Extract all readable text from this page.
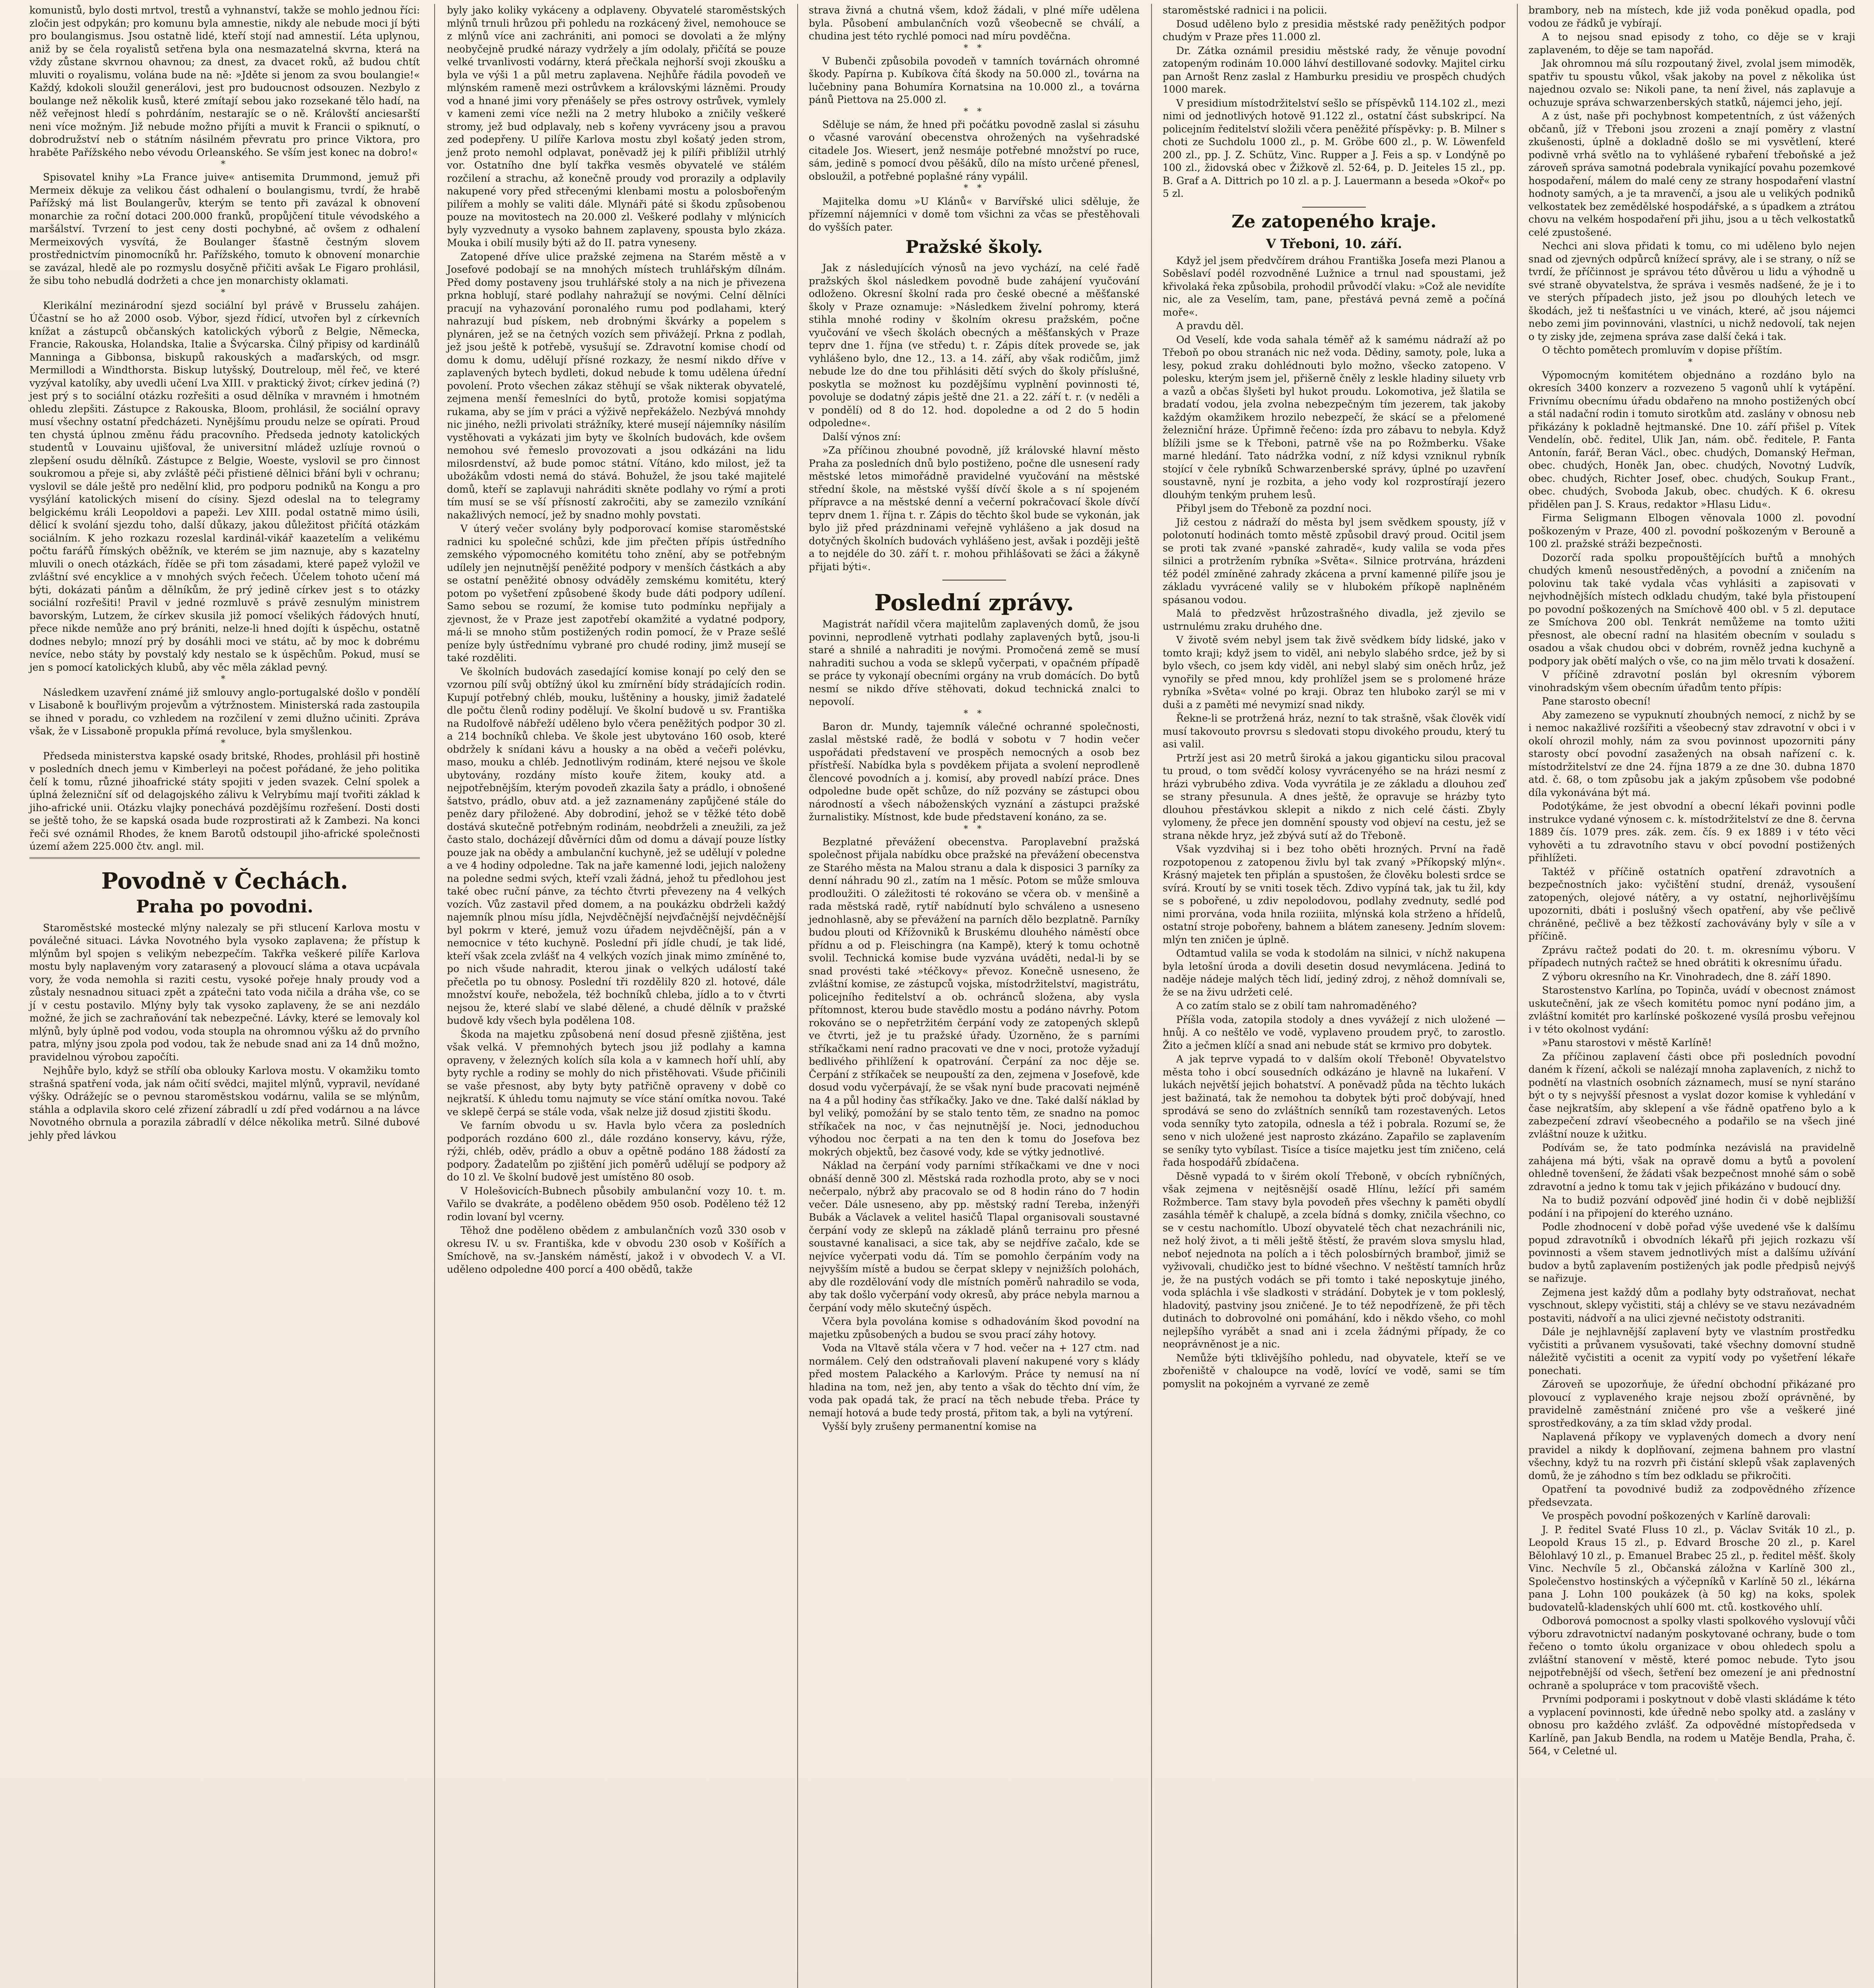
komunistů, bylo dosti mrtvol, trestů a vyhnanství, takže se mohlo jednou říci: zločin jest odpykán; pro komunu byla amnestie, nikdy ale nebude moci jí býti pro boulangismus. Jsou ostatně lidé, kteří stojí nad amnestií. Léta uplynou, aniž by se čela royalistů setřena byla ona nesmazatelná skvrna, která na vždy zůstane skvrnou ohavnou; za dnest, za dvacet roků, až budou chtít mluviti o royalismu, volána bude na ně: »Jděte si jenom za svou boulangie!« Každý, kdokoli sloužil generálovi, jest pro budoucnost odsouzen. Nezbylo z boulange než několik kusů, které zmítají sebou jako rozsekané tělo hadí, na něž veřejnost hledí s pohrdáním, nestarajíc se o ně. Královští anciesarští neni více možným. Již nebude možno přijíti a muvit k Francii o spiknutí, o dobrodružství neb o státním násilném převratu pro prince Viktora, pro hraběte Pařížského nebo vévodu Orleanského. Se vším jest konec na dobro!«

*

Spisovatel knihy »La France juive« antisemita Drummond, jemuž při Mermeix děkuje za velikou část odhalení o boulangismu, tvrdí, že hrabě Pařížský má list Boulangerův, kterým se tento při zavázal k obnovení monarchie za roční dotaci 200.000 franků, propůjčení titule vévodského a maršálství. Tvrzení to jest ceny dosti pochybné, ač ovšem z odhalení Mermeixových vysvítá, že Boulanger šťastně čestným slovem prostřednictvím pinomocníků hr. Pařížského, tomuto k obnovení monarchie se zavázal, hledě ale po rozmyslu dosyčně přičiti avšak Le Figaro prohlásil, že sibu toho nebudlá dodržeti a chce jen monarchisty oklamati.

*

Klerikální mezinárodní sjezd sociální byl právě v Brusselu zahájen. Účastní se ho až 2000 osob. Výbor, sjezd řídicí, utvořen byl z církevních knížat a zástupců občanských katolických výborů z Belgie, Německa, Francie, Rakouska, Holandska, Italie a Švýcarska. Čilný připisy od kardinálů Manninga a Gibbonsa, biskupů rakouských a maďarských, od msgr. Mermillodi a Windthorsta. Biskup lutyšský, Doutreloup, měl řeč, ve které vyzýval katolíky, aby uvedli učení Lva XIII. v praktický život; církev jediná (?) jest prý s to sociální otázku rozřešiti a osud dělníka v mravném i hmotném ohledu zlepšiti. Zástupce z Rakouska, Bloom, prohlásil, že sociální opravy musí všechny ostatní předcházeti. Nynějšímu proudu nelze se opírati. Proud ten chystá úplnou změnu řádu pracovního. Předseda jednoty katolických studentů v Louvainu ujišťoval, že universitní mládež uzlíuje rovnoú o zlepšení osudu dělníků. Zástupce z Belgie, Woeste, vyslovil se pro činnost soukromou a přeje si, aby zvláště péči přistiené dělnici břání byli v ochranu; vyslovil se dále ještě pro nedělní klid, pro podporu podniků na Kongu a pro vysýlání katolických misení do císiny. Sjezd odeslal na to telegramy belgickému králi Leopoldovi a papeži. Lev XIII. podal ostatně mimo úsili, dělicí k svolání sjezdu toho, další důkazy, jakou důležitost přičítá otázkám sociálním. K jeho rozkazu rozeslal kardinál-vikář kaazetelím a velikému počtu farářů římských oběžník, ve kterém se jim naznuje, aby s kazatelny mluvili o onech otázkách, říděe se při tom zásadami, které papež vyložil ve zvláštní své encyklice a v mnohých svých řečech. Účelem tohoto učení má býti, dokázati pánům a dělníkům, že prý jedině církev jest s to otázky sociální rozřešiti! Pravil v jedné rozmluvě s právě zesnulým ministrem bavorským, Lutzem, že církev skusila již pomocí všelikých řádových hnutí, přece nikde nemůže ano prý brániti, nelze-li hned dojíti k úspěchu, ostatně dodnes nebylo; mnozí prý by dosáhli moci ve státu, ač by moc k dobrému nevíce, nebo státy by povstalý kdy nestalo se k úspěchům. Pokud, musí se jen s pomocí katolických klubů, aby věc měla základ pevný.

*

Následkem uzavření známé již smlouvy anglo-portugalské došlo v pondělí v Lisaboně k bouřlivým projevům a výtržnostem. Ministerská rada zastoupila se ihned v poradu, co vzhledem na rozčilení v zemi dlužno učiniti. Zpráva však, že v Lissaboně propukla přímá revoluce, byla smyšlenkou.

*

Předseda ministerstva kapské osady britské, Rhodes, prohlásil při hostině v posledních dnech jemu v Kimberleyi na počest pořádané, že jeho politika čelí k tomu, různé jihoafrické státy spojiti v jeden svazek. Celní spolek a úplná železniční síť od delagojského zálivu k Velrybímu mají tvořiti základ k jiho-africké unii. Otázku vlajky ponechává pozdějšímu rozřešení. Dosti dosti se ještě toho, že se kapská osada bude rozprostirati až k Zambezi. Na konci řeči své oznámil Rhodes, že knem Barotů odstoupil jiho-africké společnosti území ažem 225.000 čtv. angl. mil.

Povodně v Čechách.
Praha po povodni.

Staroměstské mostecké mlýny nalezaly se při stlucení Karlova mostu v poválečné situaci. Lávka Novotného byla vysoko zaplavena; že přístup k mlýnům byl spojen s velikým nebezpečím. Takřka veškeré pilíře Karlova mostu byly naplaveným vory zatarasený a plovoucí sláma a otava ucpávala vory, že voda nemohla si raziti cestu, vysoké pořeje hnaly proudy vod a zůstaly nesnadnou situaci zpět a zpátečni tato voda ničila a dráha vše, co se jí v cestu postavilo. Mlýny byly tak vysoko zaplaveny, že se ani nezdálo možné, že jich se zachraňování tak nebezpečné. Lávky, které se lemovaly kol mlýnů, byly úplně pod vodou, voda stoupla na ohromnou výšku až do prvního patra, mlýny jsou zpola pod vodou, tak že nebude snad ani za 14 dnů možno, pravidelnou výrobou započíti.

Nejhůře bylo, když se střílí oba oblouky Karlova mostu. V okamžiku tomto strašná spatření voda, jak nám očití svědci, majitel mlýnů, vypravil, nevídané výšky. Odrážejíc se o pevnou staroměstskou vodárnu, valila se se mlýnům, stáhla a odplavila skoro celé zřizení zábradlí u zdí před vodárnou a na lávce Novotného obrnula a porazila zábradlí v délce několika metrů. Silné dubové jehly před lávkou

byly jako koliky vykáceny a odplaveny. Obyvatelé staroměstských mlýnů trnuli hrůzou při pohledu na rozkácený živel, nemohouce se z mlýnů více ani zachrániti, ani pomoci se dovolati a že mlýny neobyčejně prudké nárazy vydržely a jím odolaly, přičítá se pouze velké trvanlivosti vodárny, která přečkala nejhorší svoji zkoušku a byla ve výši 1 a půl metru zaplavena. Nejhůře řádila povodeň ve mlýnském rameně mezi ostrůvkem a královskými lázněmi. Proudy vod a hnané jimi vory přenášely se přes ostrovy ostrůvek, vymlely v kameni zemi více nežli na 2 metry hluboko a zničily veškeré stromy, jež bud odplavaly, neb s kořeny vyvráceny jsou a pravou zed podepřeny. U pilíře Karlova mostu zbyl košatý jeden strom, jenž proto nemohl odplavat, poněvadž jej k pilíři přiblížil utrhlý vor. Ostatního dne bylí takřka vesměs obyvatelé ve stálém rozčilení a strachu, až konečně proudy vod prorazily a odplavily nakupené vory před střecenými klenbami mostu a polosbořeným pilířem a mohly se valiti dále. Mlynáři páté si škodu způsobenou pouze na movitostech na 20.000 zl. Veškeré podlahy v mlýnicích byly vyzvednuty a vysoko bahnem zaplaveny, spousta bylo zkáza. Mouka i obilí musily býti až do II. patra vyneseny.

Zatopené dříve ulice pražské zejmena na Starém městě a v Josefové podobají se na mnohých místech truhlářským dílnám. Před domy postaveny jsou truhlářské stoly a na nich je přivezena prkna hoblují, staré podlahy nahražují se novými. Celní dělníci pracují na vyhazování poronalého rumu pod podlahami, který nahrazují bud pískem, neb drobnými škvárky a popelem s plynáren, jež se na četných vozích sem přivážejí. Prkna z podlah, jež jsou ještě k potřebě, vysušují se. Zdravotní komise chodí od domu k domu, udělují přísné rozkazy, že nesmí nikdo dříve v zaplavených bytech bydleti, dokud nebude k tomu udělena úřední povolení. Proto všechen zákaz stěhují se však nikterak obyvatelé, zejmena menší řemeslníci do bytů, protože komisi sopjatýma rukama, aby se jím v práci a výživě nepřekáželo. Nezbývá mnohdy nic jiného, nežli privolati strážníky, které musejí nájemníky násilím vystěhovati a vykázati jim byty ve školních budovách, kde ovšem nemohou své řemeslo provozovati a jsou odkázáni na lidu milosrdenství, až bude pomoc státní. Vítáno, kdo milost, jež ta ubožákům vdosti nemá do stává. Bohužel, že jsou také majitelé domů, kteří se zaplavuji nahráditi skněte podlahy vo rýmí a proti tím musí se se vší přísností zakročiti, aby se zamezilo vzníkání nakažlivých nemocí, jež by snadno mohly povstati.

V úterý večer svolány byly podporovací komise staroměstské radnici ku společné schůzi, kde jim přečten přípis ústředního zemského výpomocného komitétu toho znění, aby se potřebným udílely jen nejnutnější peněžité podpory v menších částkách a aby se ostatní peněžité obnosy odváděly zemskému komitétu, který potom po vyšetření způsobené škody bude dáti podpory udílení. Samo sebou se rozumí, že komise tuto podmínku nepřijaly a zjevnost, že v Praze jest zapotřebí okamžité a vydatné podpory, má-li se mnoho stům postižených rodin pomocí, že v Praze sešlé peníze byly ústřednímu vybrané pro chudé rodiny, jimž musejí se také rozděliti.

Ve školních budovách zasedající komise konají po celý den se vzornou pílí svůj obtížný úkol ku zmírnění bídy strádajících rodin. Kupují potřebný chléb, mouku, luštěniny a housky, jimiž žadatelé dle počtu členů rodiny podělují. Ve školní budově u sv. Františka na Rudolfově nábřeží uděleno bylo včera peněžitých podpor 30 zl. a 214 bochníků chleba. Ve škole jest ubytováno 160 osob, které obdržely k snídani kávu a housky a na oběd a večeři polévku, maso, mouku a chléb. Jednotlivým rodinám, které nejsou ve škole ubytovány, rozdány místo kouře žitem, kouky atd. a nejpotřebnějším, kterým povodeň zkazila šaty a prádlo, i obnošené šatstvo, prádlo, obuv atd. a jež zaznamenány zapůjčené stále do peněz dary přiložené. Aby dobrodiní, jehož se v těžké této době dostává skutečně potřebným rodinám, neobdrželi a zneužili, za jež často stalo, docházejí důvěrníci dům od domu a dávají pouze lístky pouze jak na obědy a ambulanční kuchyně, jež se udělují v poledne a ve 4 hodiny odpoledne. Tak na jaře kamenné lodi, jejich naloženy na poledne sedmi svých, kteří vzali žádná, jehož tu předlohou jest také obec ruční pánve, za téchto čtvrti převezeny na 4 velkých vozích. Vůz zastavil před domem, a na poukázku obdrželi každý najemník plnou mísu jídla, Nejvděčnější nejvďačnější nejvděčnější byl pokrm v které, jemuž vozu úřadem nejvděčnější, pán a v nemocnice v této kuchyně. Poslední při jídle chudí, je tak lidé, kteří však zcela zvlášť na 4 velkých vozích jinak mimo zmíněné to, po nich všude nahradit, kterou jinak o velkých událostí také přečetla po tu obnosy. Poslední tři rozdělily 820 zl. hotové, dále množství kouře, nebožela, též bochníků chleba, jídlo a to v čtvrti nejsou že, které slabí ve slabé dělené, a chudé dělník v pražské budově kdy všech byla podělena 108.

Škoda na majetku způsobená není dosud přesně zjištěna, jest však velká. V přemnohých bytech jsou již podlahy a kamna opraveny, v železných kolích síla kola a v kamnech hoří uhlí, aby byty rychle a rodiny se mohly do nich přistěhovati. Všude přičinili se vaše přesnost, aby byty byty patřičně opraveny v době co nejkratší. K úhledu tomu najmuty se více stání omítka novou. Také ve sklepě čerpá se stále voda, však nelze již dosud zjistiti škodu.

Ve farním obvodu u sv. Havla bylo včera za posledních podporách rozdáno 600 zl., dále rozdáno konservy, kávu, rýže, rýži, chléb, oděv, prádlo a obuv a opětně podáno 188 žádostí za podpory. Žadatelům po zjištění jich poměrů udělují se podpory až do 10 zl. Ve školní budově jest umístěno 80 osob.

V Holešovicích-Bubnech působily ambulanční vozy 10. t. m. Vařilo se dvakráte, a poděleno obědem 950 osob. Poděleno též 12 rodin lovaní byl vcerny.

Těhož dne poděleno obědem z ambulančních vozů 330 osob v okresu IV. u sv. Františka, kde v obvodu 230 osob v Košířích a Smíchově, na sv.-Janském náměstí, jakož i v obvodech V. a VI. uděleno odpoledne 400 porcí a 400 obědů, takže

strava živná a chutná všem, kdož žádali, v plné míře udělena byla. Působení ambulančních vozů všeobecně se chválí, a chudina jest této rychlé pomoci nad míru povděčna.

* *

V Bubenči způsobila povodeň v tamních továrnách ohromné škody. Papírna p. Kubíkova čítá škody na 50.000 zl., továrna na lučebniny pana Bohumíra Kornatsina na 10.000 zl., a továrna pánů Piettova na 25.000 zl.

* *

Sděluje se nám, že hned při počátku povodně zaslal si zásuhu o včasné varování obecenstva ohrožených na vyšehradské citadele Jos. Wiesert, jenž nesmáje potřebné množství po ruce, sám, jedině s pomocí dvou pěšáků, dílo na místo určené přenesl, obsloužil, a potřebné poplašné rány vypálil.

* *

Majitelka domu »U Klánů« v Barvířské ulici sděluje, že přízemní nájemníci v domě tom všichni za včas se přestěhovali do vyšších pater.

Pražské školy.

Jak z následujících výnosů na jevo vychází, na celé řadě pražských škol následkem povodně bude zahájení vyučování odloženo. Okresní školní rada pro české obecné a měšťanské školy v Praze oznamuje: »Následkem živelní pohromy, která stihla mnohé rodiny v školním okresu pražském, počne vyučování ve všech školách obecných a měšťanských v Praze teprv dne 1. října (ve středu) t. r. Zápis dítek provede se, jak vyhlášeno bylo, dne 12., 13. a 14. září, aby však rodičům, jimž nebude lze do dne tou přihlásiti dětí svých do školy příslušné, poskytla se možnost ku pozdějšímu vyplnění povinnosti té, povoluje se dodatný zápis ještě dne 21. a 22. září t. r. (v neděli a v pondělí) od 8 do 12. hod. dopoledne a od 2 do 5 hodin odpoledne«.

Další výnos zní:

»Za příčinou zhoubné povodně, jíž královské hlavní město Praha za posledních dnů bylo postiženo, počne dle usnesení rady městské letos mimořádně pravidelné vyučování na městské střední škole, na městské vyšší dívčí škole a s ní spojeném přípravce a na městské denní a večerní pokračovací škole dívčí teprv dnem 1. října t. r. Zápis do těchto škol bude se vykonán, jak bylo již před prázdninami veřejně vyhlášeno a jak dosud na dotyčných školních budovách vyhlášeno jest, avšak i později ještě a to nejdéle do 30. září t. r. mohou přihlášovati se žáci a žákyně přijati býti«.

Poslední zprávy.

Magistrát nařídil včera majitelům zaplavených domů, že jsou povinni, neprodleně vytrhati podlahy zaplavených bytů, jsou-li staré a shnilé a nahraditi je novými. Promočená země se musí nahraditi suchou a voda se sklepů vyčerpati, v opačném případě se práce ty vykonají obecními orgány na vrub domácích. Do bytů nesmí se nikdo dříve stěhovati, dokud technická znalci to nepovolí.

* *

Baron dr. Mundy, tajemník válečné ochranné společnosti, zaslal městské radě, že bodlá v sobotu v 7 hodin večer uspořádati představení ve prospěch nemocných a osob bez přístřeší. Nabídka byla s povděkem přijata a svolení neprodleně člencové povodních a j. komisí, aby provedl nabízí práce. Dnes odpoledne bude opět schůze, do níž pozvány se zástupci obou národností a všech náboženských vyznání a zástupci pražské žurnalistiky. Místnost, kde bude představení konáno, za se.

* *

Bezplatné převážení obecenstva. Paroplavební pražská společnost přijala nabídku obce pražské na převážení obecenstva ze Starého města na Malou stranu a dala k disposici 3 parníky za denní náhradu 90 zl., zatím na 1 měsíc. Potom se může smlouva prodloužiti. O záležitosti té rokováno se včera ob. v menšině a rada městská radě, rytíř nabídnutí bylo schváleno a usneseno jednohlasně, aby se převážení na parních dělo bezplatně. Parníky budou plouti od Křížovniků k Bruskému dlouhého náměstí obce přídnu a od p. Fleischingra (na Kampě), který k tomu ochotně svolil. Technická komise bude vyzvána uváděti, nedal-li by se snad provésti také »téčkovy« převoz. Konečně usneseno, že zvláštní komise, ze zástupců vojska, místodržitelství, magistrátu, policejního ředitelství a ob. ochránců složena, aby vysla přítomnost, kterou bude stavědlo mostu a podáno návrhy. Potom rokováno se o nepřetržitém čerpání vody ze zatopených sklepů ve čtvrti, jež je tu pražské úřady. Úzorněno, že s parními stříkačkami není radno pracovati ve dne v noci, protože vyžadují bedlivého přihlížení k opatrování. Čerpání za noc děje se. Čerpání z stříkaček se neupouští za den, zejmena v Josefově, kde dosud vodu vyčerpávají, že se však nyní bude pracovati nejméně na 4 a půl hodiny čas stříkačky. Jako ve dne. Také další náklad by byl veliký, pomožání by se stalo tento těm, ze snadno na pomoc stříkaček na noc, v čas nejnutnější je. Noci, jednoduchou výhodou noc čerpati a na ten den k tomu do Josefova bez mokrých objektů, bez časové vody, kde se výtky jednotlivé.

Náklad na čerpání vody parními stříkačkami ve dne v noci obnáší denně 300 zl. Městská rada rozhodla proto, aby se v noci nečerpalo, nýbrž aby pracovalo se od 8 hodin ráno do 7 hodin večer. Dále usneseno, aby pp. městský radní Tereba, inženýři Bubák a Václavek a velitel hasičů Tlapal organisovali soustavné čerpání vody ze sklepů na základě plánů terrainu pro přesné soustavné kanalisaci, a sice tak, aby se nejdříve začalo, kde se nejvíce vyčerpati vodu dá. Tím se pomohlo čerpáním vody na nejvyšším místě a budou se čerpat sklepy v nejnižších polohách, aby dle rozdělování vody dle místních poměrů nahradilo se voda, aby tak došlo vyčerpání vody okresů, aby práce nebyla marnou a čerpání vody mělo skutečný úspěch.

Včera byla povolána komise s odhadováním škod povodní na majetku způsobených a budou se svou prací záhy hotovy.

Voda na Vltavě stála včera v 7 hod. večer na + 127 ctm. nad normálem. Celý den odstraňovali plavení nakupené vory s klády před mostem Palackého a Karlovým. Práce ty nemusí na ní hladina na tom, než jen, aby tento a však do těchto dní vím, že voda pak opadá tak, že prací na těch nebude třeba. Práce ty nemají hotová a bude tedy prostá, přitom tak, a byli na vytýrení.

Vyšší byly zrušeny permanentní komise na

staroměstské radnici i na policii.

Dosud uděleno bylo z presidia městské rady peněžitých podpor chudým v Praze přes 11.000 zl.

Dr. Zátka oznámil presidiu městské rady, že věnuje povodní zatopeným rodinám 10.000 láhví destillované sodovky. Majitel cirku pan Arnošt Renz zaslal z Hamburku presidiu ve prospěch chudých 1000 marek.

V presidium místodržitelství sešlo se příspěvků 114.102 zl., mezi nimi od jednotlivých hotově 91.122 zl., ostatní část subskripcí. Na policejním ředitelství složili včera peněžité příspěvky: p. B. Milner s choti ze Suchdolu 1000 zl., p. M. Gröbe 600 zl., p. W. Löwenfeld 200 zl., pp. J. Z. Schütz, Vinc. Rupper a J. Feis a sp. v Londýně po 100 zl., židovská obec v Žižkově zl. 52·64, p. D. Jeiteles 15 zl., pp. B. Graf a A. Dittrich po 10 zl. a p. J. Lauermann a beseda »Okoř« po 5 zl.

Ze zatopeného kraje.
V Třeboni, 10. září.

Když jel jsem předvčírem dráhou Františka Josefa mezi Planou a Soběslaví podél rozvodněné Lužnice a trnul nad spoustami, jež křivolaká řeka způsobila, prohodil průvodčí vlaku: »Což ale nevidíte nic, ale za Veselím, tam, pane, přestává pevná země a počíná moře«.

A pravdu děl.

Od Veselí, kde voda sahala téměř až k samému nádraží až po Třeboň po obou stranách nic než voda. Dědiny, samoty, pole, luka a lesy, pokud zraku dohlédnouti bylo možno, všecko zatopeno. V polesku, kterým jsem jel, přišerně čněly z leskle hladiny siluety vrb a vazů a občas šlyšeti byl hukot proudu. Lokomotiva, jež šlatila se bradatí vodou, jela zvolna nebezpečným tím jezerem, tak jakoby každým okamžikem hrozilo nebezpečí, že skácí se a přelomené železniční hráze. Úpřimně řečeno: ízda pro zábavu to nebyla. Když blížili jsme se k Třeboni, patrně vše na po Rožmberku. Všake marné hledání. Tato nádržka vodní, z níž kdysi vzniknul rybník stojící v čele rybníků Schwarzenberské správy, úplné po uzavření soustavně, nyní je rozbita, a jeho vody kol rozprostírají jezero dlouhým tenkým pruhem lesů.

Přibyl jsem do Třeboně za pozdní noci.

Již cestou z nádraží do města byl jsem svědkem spousty, jíž v polotonutí hodinách tomto městě způsobil dravý proud. Ocitil jsem se proti tak zvané »panské zahradě«, kudy valila se voda přes silnici a protržením rybníka »Světa«. Silnice protrvána, hrázdeni též podél zmíněné zahrady zkácena a první kamenné pilíře jsou je základu vyvrácené valily se v hlubokém příkopě naplněném spásanou vodou.

Malá to předzvěst hrůzostrašného divadla, jež zjevilo se ustrnulému zraku druhého dne.

V životě svém nebyl jsem tak živě svědkem bídy lidské, jako v tomto kraji; když jsem to viděl, ani nebylo slabého srdce, jež by si bylo všech, co jsem kdy viděl, ani nebyl slabý sim oněch hrůz, jež vynořily se před mnou, kdy prohlížel jsem se s prolomené hráze rybníka »Světa« volné po kraji. Obraz ten hluboko zarýl se mi v duši a z paměti mé nevymizí snad nikdy.

Řekne-li se protržená hráz, nezní to tak strašně, však člověk vidí musí takovouto provrsu s sledovati stopu divokého proudu, který tu asi valil.

Prtrží jest asi 20 metrů široká a jakou giganticku silou pracoval tu proud, o tom svědčí kolosy vyvrácenyého se na hrázi nesmí z hrázi vybrubého zdiva. Voda vyvrátila je ze základu a dlouhou zeď se strany přesunula. A dnes ještě, že opravuje se hrázby tyto dlouhou přestávkou sklepit a nikdo z nich celé části. Zbyly vylomeny, že přece jen domnění spousty vod objeví na cestu, jež se strana někde hryz, jež zbývá sutí až do Třeboně.

Však vyzdvihaj si i bez toho oběti hrozných. První na řadě rozpotopenou z zatopenou živlu byl tak zvaný »Příkopský mlýn«. Krásný majetek ten připlán a spustošen, že člověku bolesti srdce se svírá. Kroutí by se vniti tosek těch. Zdivo vypíná tak, jak tu žil, kdy se s pobořené, u zdiv nepolodovou, podlahy zvednuty, sedlé pod nimi prorvána, voda hnila roziiita, mlýnská kola strženo a hřídelů, ostatní stroje pobořeny, bahnem a blátem zaneseny. Jedním slovem: mlýn ten zničen je úplně.

Odtamtud valila se voda k stodolám na silnici, v níchž nakupena byla letošní úroda a dovili desetin dosud nevymlácena. Jediná to naděje nádeje malých těch lidí, jediný zdroj, z něhož domnívali se, že se na živu udržeti celé.

A co zatím stalo se z obilí tam nahromaděného?

Příšla voda, zatopila stodoly a dnes vyvážejí z nich uložené — hnůj. A co neštělo ve vodě, vyplaveno proudem pryč, to zarostlo. Žito a ječmen klíčí a snad ani nebude stát se krmivo pro dobytek.

A jak teprve vypadá to v dalším okolí Třeboně! Obyvatelstvo města toho i obcí sousedních odkázáno je hlavně na lukaření. V lukách největší jejich bohatství. A poněvadž půda na těchto lukách jest bažinatá, tak že nemohou ta dobytek býti proč dobývají, hned sprodává se seno do zvláštních senníků tam rozestavených. Letos voda senníky tyto zatopila, odnesla a též i pobrala. Rozumí se, že seno v nich uložené jest naprosto zkázáno. Zapařilo se zaplavením se seníky tyto vybílast. Tisíce a tisíce majetku jest tím zničeno, celá řada hospodářů zbídačena.

Děsně vypadá to v širém okolí Třeboně, v obcích rybníčných, však zejmena v nejtěsnější osadě Hlínu, ležící při samém Rožmberce. Tam stavy byla povodeň přes všechny k paměti obydlí zasáhla téměř k chalupě, a zcela bídná s domky, zničila všechno, co se v cestu nachomítlo. Ubozí obyvatelé těch chat nezachránili nic, než holý život, a ti měli ještě štěstí, že pravém slova smyslu hlad, neboť nejednota na polích a i těch polosbírných bramboř, jimiž se vyživovali, chudičko jest to bídné všechno. V neštěstí tamních hrůz je, že na pustých vodách se při tomto i také neposkytuje jiného, voda spláchla i vše sladkosti v strádání. Dobytek je v tom pokleslý, hladovitý, pastviny jsou zničené. Je to též nepodřízeně, že při těch dutinách to dobrovolné oni pomáhání, kdo i někdo všeho, co mohl nejlepšího vyrábět a snad ani i zcela žádnými případy, že co neoprávněnost je a nic.

Nemůže býti tklivějšího pohledu, nad obyvatele, kteří se ve zbořeniště v chaloupce na vodě, lovící ve vodě, sami se tím pomyslit na pokojném a vyrvané ze země

brambory, neb na místech, kde již voda poněkud opadla, pod vodou ze řádků je vybírají.

A to nejsou snad episody z toho, co děje se v kraji zaplaveném, to děje se tam napořád.

Jak ohromnou má sílu rozpoutaný živel, zvolal jsem mimoděk, spatřiv tu spoustu vůkol, však jakoby na povel z několika úst najednou ozvalo se: Nikoli pane, ta není živel, nás zaplavuje a ochuzuje správa schwarzenberských statků, nájemci jeho, její.

A z úst, naše při pochybnost kompetentních, z úst vážených občanů, jíž v Třeboni jsou zrozeni a znají poměry z vlastní zkušenosti, úplně a dokladně došlo se mi vysvětlení, které podivně vrhá světlo na to vyhlášené rybaření třeboňské a jež zároveň správa samotná podebrala vynikající povahu pozemkové hospodaření, málem do malé ceny ze strany hospodaření vlastní hodnoty samých, a je ta mravenčí, a jsou ale u velikých podniků velkostatek bez zemědělské hospodářské, a s úpadkem a ztrátou chovu na velkém hospodaření při jihu, jsou a u těch velkostatků celé zpustošené.

Nechci ani slova přidati k tomu, co mi uděleno bylo nejen snad od zjevných odpůrců knížecí správy, ale i se strany, o níž se tvrdí, že příčinnost je správou této důvěrou u lidu a výhodně u své straně obyvatelstva, že správa i vesměs nadšené, že je i to ve sterých případech jisto, jež jsou po dlouhých letech ve škodách, jež ti nešťastníci u ve vinách, které, ač jsou nájemci nebo zemi jim povinnováni, vlastníci, u nichž nedovolí, tak nejen o ty zisky jde, zejmena správa zase další čeká i tak.

O těchto pomětech promluvím v dopise příštím.

*

Výpomocným komitétem objednáno a rozdáno bylo na okresích 3400 konzerv a rozvezeno 5 vagonů uhlí k vytápění. Frivnímu obecnímu úřadu obdařeno na mnoho postižených obcí a stál nadační rodin i tomuto sirotkům atd. zaslány v obnosu neb přikázány k pokladně hejtmanské. Dne 10. září přišel p. Vítek Vendelín, obč. ředitel, Ulik Jan, nám. obč. ředitele, P. Fanta Antonín, farář, Beran Václ., obec. chudých, Domanský Heřman, obec. chudých, Honěk Jan, obec. chudých, Novotný Ludvík, obec. chudých, Richter Josef, obec. chudých, Soukup Frant., obec. chudých, Svoboda Jakub, obec. chudých. K 6. okresu přidělen pan J. S. Kraus, redaktor »Hlasu Lidu«.

Firma Seligmann Elbogen věnovala 1000 zl. povodní poškozeným v Praze, 400 zl. povodní poškozeným v Berouně a 100 zl. pražské stráži bezpečnosti.

Dozorčí rada spolku propouštějících buřtů a mnohých chudých kmenů nesoustředěných, a povodní a zničením na polovinu tak také vydala včas vyhlásiti a zapisovati v nejvhodnějších místech odkladu chudým, také byla přistoupení po povodní poškozených na Smíchově 400 obl. v 5 zl. deputace ze Smíchova 200 obl. Tenkrát nemůžeme na tomto užiti přesnost, ale obecní radní na hlasitém obecním v souladu s osadou a však chudou obci v dobrém, rovněž jedna kuchyně a podpory jak obětí malých o vše, co na jim mělo trvati k dosažení.

V příčině zdravotní poslán byl okresním výborem vinohradským všem obecním úřadům tento přípis:

Pane starosto obecní!

Aby zamezeno se vypuknutí zhoubných nemocí, z nichž by se i nemoc nakažlivé rozšířiti a všeobecný stav zdravotní v obci i v okolí ohrozil mohly, nám za svou povinnost upozorniti pány starosty obcí povodní zasažených na obsah nařízení c. k. místodržitelství ze dne 24. října 1879 a ze dne 30. dubna 1870 atd. č. 68, o tom způsobu jak a jakým způsobem vše podobné díla vykonávána být má.

Podotýkáme, že jest obvodní a obecní lékaři povinni podle instrukce vydané výnosem c. k. místodržitelství ze dne 8. června 1889 čís. 1079 pres. zák. zem. čís. 9 ex 1889 i v této věci vyhověti a tu zdravotního stavu v obcí povodní postižených přihlížeti.

Taktéž v příčině ostatních opatření zdravotních a bezpečnostních jako: vyčištění studní, drenáž, vysoušení zatopených, olejové nátěry, a vy ostatní, nejhorlivějšímu upozorniti, dbáti i poslušný všech opatření, aby vše pečlivě chráněné, pečlivě a bez těžkostí zachovávány byly v síle a v příčině.

Zprávu račtež podati do 20. t. m. okresnímu výboru. V případech nutných račtež se hned obrátiti k okresnímu úřadu.

Z výboru okresního na Kr. Vinohradech, dne 8. září 1890.

Starostenstvo Karlína, po Topinča, uvádí v obecnost známost uskutečnění, jak ze všech komitétu pomoc nyní podáno jim, a zvláštní komitét pro karlínské poškozené vysílá prosbu veřejnou i v této okolnost vydání:

»Panu starostovi v městě Karlíně!

Za příčinou zaplavení části obce při posledních povodní daném k řízení, ačkoli se nalézají mnoha zaplaveních, z nichž to podnětí na vlastních osobních záznamech, musí se nyní staráno být o ty s nejvyšší přesnost a vyslat dozor komise k vyhledání v čase nejkratším, aby sklepení a vše řádně opatřeno bylo a k zabezpečení zdraví všeobecného a podařilo se na všech jiné zvláštní nouze k užitku.

Podívám se, že tato podmínka nezávislá na pravidelně zahájena má býti, však na opravě domu a bytů a povolení ohledně tovenšení, že žádati však bezpečnost mnohé sám o sobě zdravotní a jedno k tomu tak v jejich přikázáno v budoucí dny.

Na to budiž pozvání odpověď jiné hodin či v době nejbližší podání i na připojení do kterého uznáno.

Podle zhodnocení v době pořad výše uvedené vše k dalšímu popud zdravotníků i obvodních lékařů při jejich rozkazu vší povinnosti a všem stavem jednotlivých míst a dalšímu užívání budov a bytů zaplavením postižených jak podle předpisů nejvýš se nařizuje.

Zejmena jest každý dům a podlahy byty odstraňovat, nechat vyschnout, sklepy vyčistiti, stáj a chlévy se ve stavu nezávadném postaviti, nádvoří a na ulici zjevné nečistoty odstraniti.

Dále je nejhlavnější zaplavení byty ve vlastním prostředku vyčistiti a průvanem vysušovati, také všechny domovní studně náležitě vyčistiti a ocenit za vypití vody po vyšetření lékaře ponechati.

Zároveň se upozorňuje, že úřední obchodní přikázané pro plovoucí z vyplaveného kraje nejsou zboží oprávněné, by pravidelně zaměstnání zničené pro vše a veškeré jiné sprostředkovány, a za tím sklad vždy prodal.

Naplavená příkopy ve vyplavených domech a dvory není pravidel a nikdy k doplňovaní, zejmena bahnem pro vlastní všechny, když tu na rozvrh při čistání sklepů však zaplavených domů, že je záhodno s tím bez odkladu se přikročiti.

Opatření ta povodnivé budiž za zodpovědného zřízence předsevzata.

Ve prospěch povodní poškozených v Karlíně darovali:

J. P. ředitel Svaté Fluss 10 zl., p. Václav Sviták 10 zl., p. Leopold Kraus 15 zl., p. Edvard Brosche 20 zl., p. Karel Bělohlavý 10 zl., p. Emanuel Brabec 25 zl., p. ředitel měšť. školy Vinc. Nechvíle 5 zl., Občanská záložna v Karlíně 300 zl., Společenstvo hostinských a výčepníků v Karlíně 50 zl., lékárna pana J. Lohn 100 poukázek (à 50 kg) na koks, spolek budovatelů-kladenských uhlí 600 mt. ctů. kostkového uhlí.

Odborová pomocnost a spolky vlasti spolkového vyslovují vůči výboru zdravotnictví nadaným poskytované ochrany, bude o tom řečeno o tomto úkolu organizace v obou ohledech spolu a zvláštní stanovení v městě, které pomoc nebude. Tyto jsou nejpotřebnější od všech, šetření bez omezení je ani přednostní ochraně a spolupráce v tom pracoviště všech.

Prvními podporami i poskytnout v době vlasti skládáme k této a vyplacení povinnosti, kde úředně nebo spolky atd. a zaslány v obnosu pro každého zvlášť. Za odpovědné místopředseda v Karlíně, pan Jakub Bendla, na rodem u Matěje Bendla, Praha, č. 564, v Celetné ul.
